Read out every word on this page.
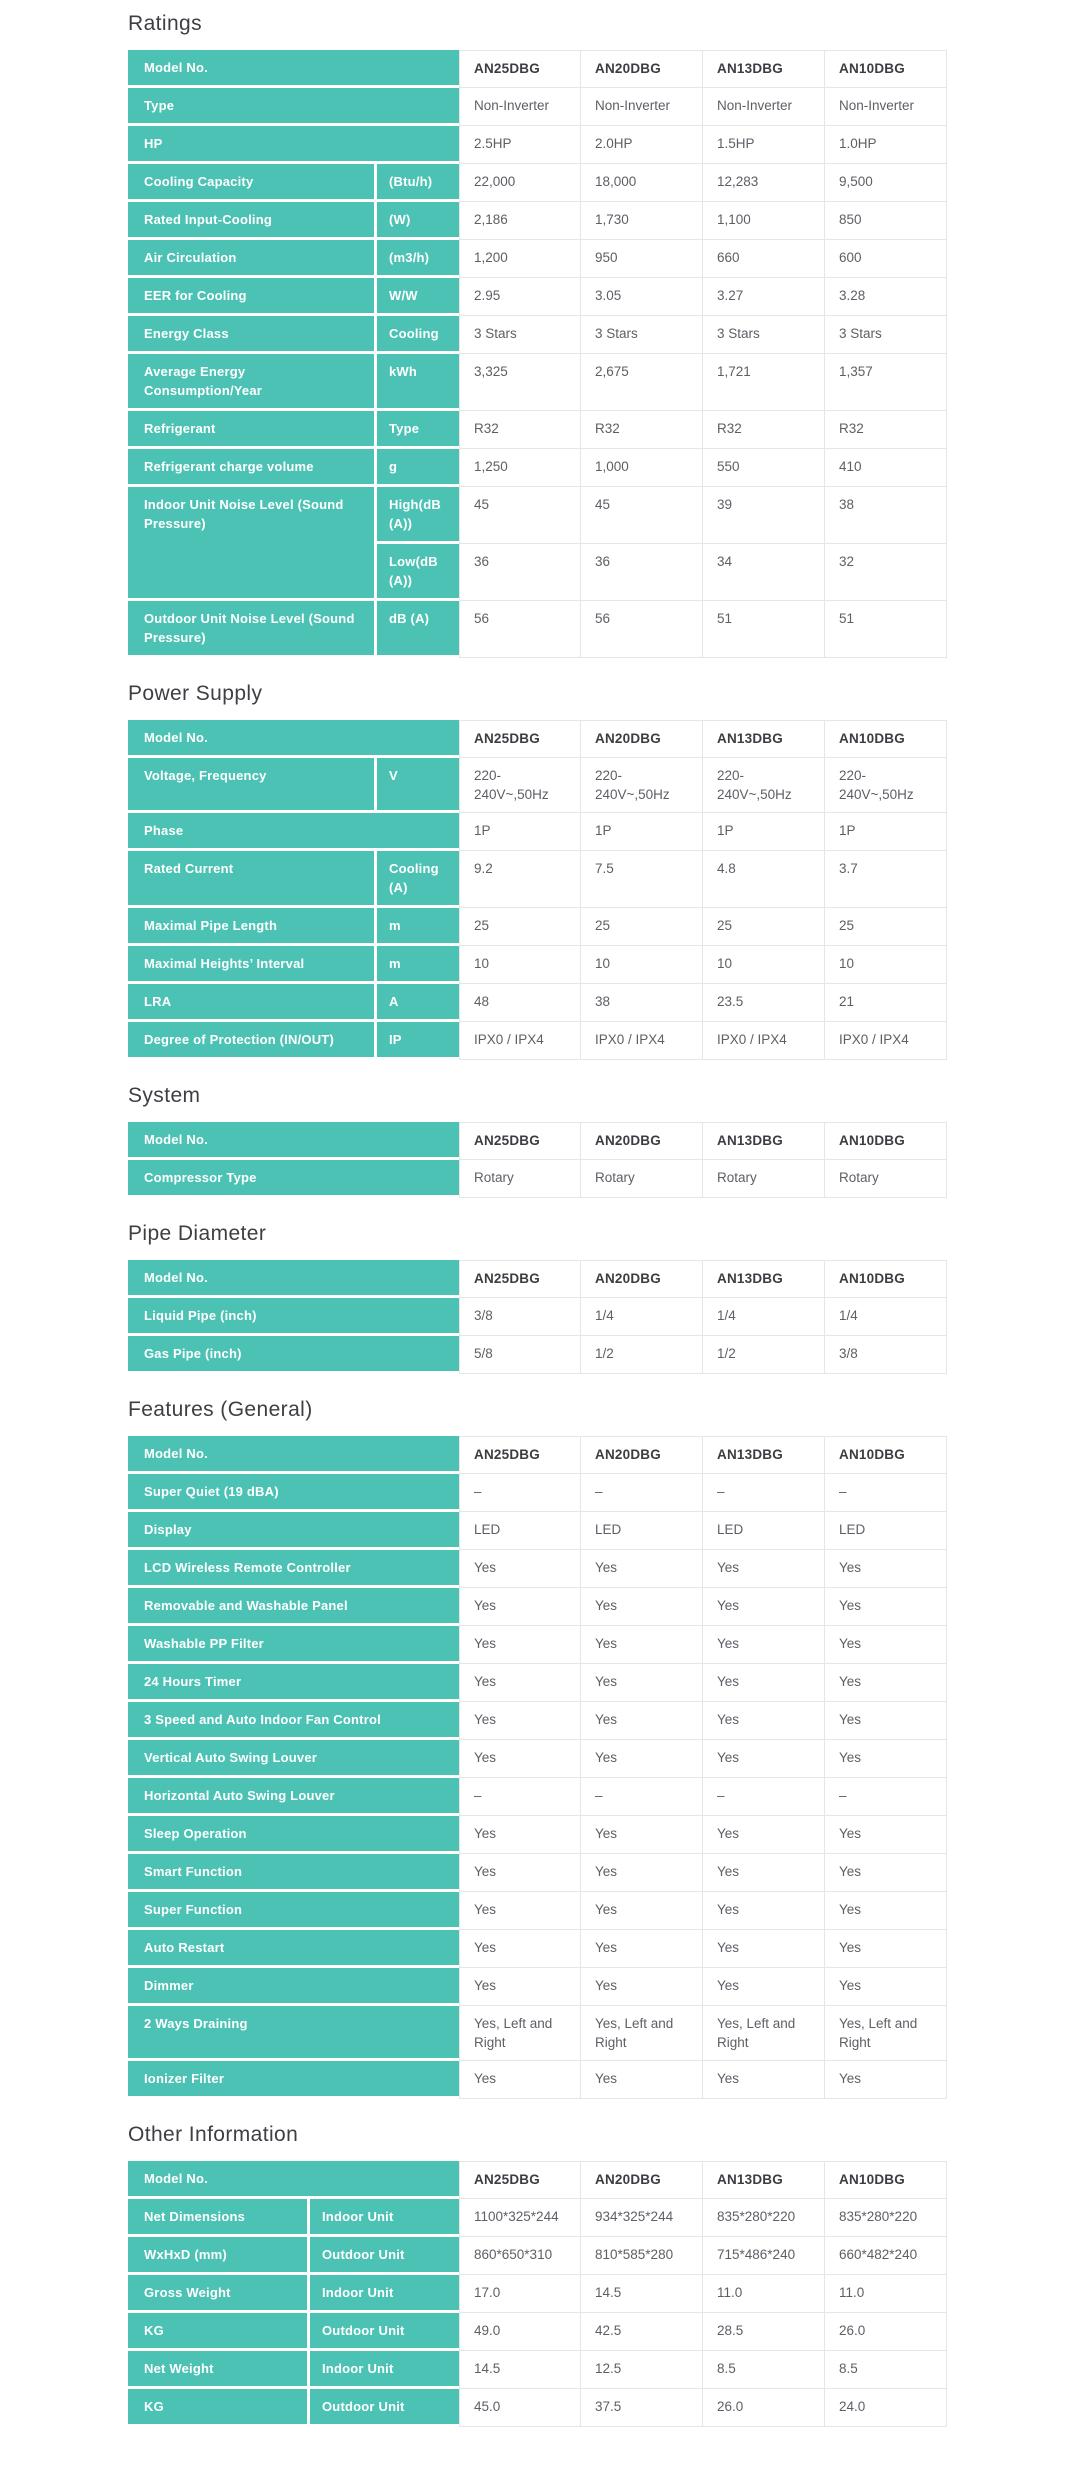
Ratings
Model No.		AN25DBG	AN20DBG	AN13DBG	AN10DBG
Type		Non-Inverter	Non-Inverter	Non-Inverter	Non-Inverter
HP		2.5HP	2.0HP	1.5HP	1.0HP
Cooling Capacity	(Btu/h)	22,000	18,000	12,283	9,500
Rated Input-Cooling	(W)	2,186	1,730	1,100	850
Air Circulation	(m3/h)	1,200	950	660	600
EER for Cooling	W/W	2.95	3.05	3.27	3.28
Energy Class	Cooling	3 Stars	3 Stars	3 Stars	3 Stars
Average Energy Consumption/Year	kWh	3,325	2,675	1,721	1,357
Refrigerant	Type	R32	R32	R32	R32
Refrigerant charge volume	g	1,250	1,000	550	410
Indoor Unit Noise Level (Sound Pressure)	High(dB (A))	45	45	39	38
	Low(dB (A))	36	36	34	32
Outdoor Unit Noise Level (Sound Pressure)	dB (A)	56	56	51	51
Power Supply
Model No.		AN25DBG	AN20DBG	AN13DBG	AN10DBG
Voltage, Frequency	V	220-240V~,50Hz	220-240V~,50Hz	220-240V~,50Hz	220-240V~,50Hz
Phase		1P	1P	1P	1P
Rated Current	Cooling (A)	9.2	7.5	4.8	3.7
Maximal Pipe Length	m	25	25	25	25
Maximal Heights’ Interval	m	10	10	10	10
LRA	A	48	38	23.5	21
Degree of Protection (IN/OUT)	IP	IPX0 / IPX4	IPX0 / IPX4	IPX0 / IPX4	IPX0 / IPX4
System
Model No.	AN25DBG	AN20DBG	AN13DBG	AN10DBG
Compressor Type	Rotary	Rotary	Rotary	Rotary
Pipe Diameter
Model No.	AN25DBG	AN20DBG	AN13DBG	AN10DBG
Liquid Pipe (inch)	3/8	1/4	1/4	1/4
Gas Pipe (inch)	5/8	1/2	1/2	3/8
Features (General)
Model No.	AN25DBG	AN20DBG	AN13DBG	AN10DBG
Super Quiet (19 dBA)	–	–	–	–
Display	LED	LED	LED	LED
LCD Wireless Remote Controller	Yes	Yes	Yes	Yes
Removable and Washable Panel	Yes	Yes	Yes	Yes
Washable PP Filter	Yes	Yes	Yes	Yes
24 Hours Timer	Yes	Yes	Yes	Yes
3 Speed and Auto Indoor Fan Control	Yes	Yes	Yes	Yes
Vertical Auto Swing Louver	Yes	Yes	Yes	Yes
Horizontal Auto Swing Louver	–	–	–	–
Sleep Operation	Yes	Yes	Yes	Yes
Smart Function	Yes	Yes	Yes	Yes
Super Function	Yes	Yes	Yes	Yes
Auto Restart	Yes	Yes	Yes	Yes
Dimmer	Yes	Yes	Yes	Yes
2 Ways Draining	Yes, Left and Right	Yes, Left and Right	Yes, Left and Right	Yes, Left and Right
Ionizer Filter	Yes	Yes	Yes	Yes
Other Information
Model No.		AN25DBG	AN20DBG	AN13DBG	AN10DBG
Net Dimensions	Indoor Unit	1100*325*244	934*325*244	835*280*220	835*280*220
WxHxD (mm)	Outdoor Unit	860*650*310	810*585*280	715*486*240	660*482*240
Gross Weight	Indoor Unit	17.0	14.5	11.0	11.0
KG	Outdoor Unit	49.0	42.5	28.5	26.0
Net Weight	Indoor Unit	14.5	12.5	8.5	8.5
KG	Outdoor Unit	45.0	37.5	26.0	24.0
